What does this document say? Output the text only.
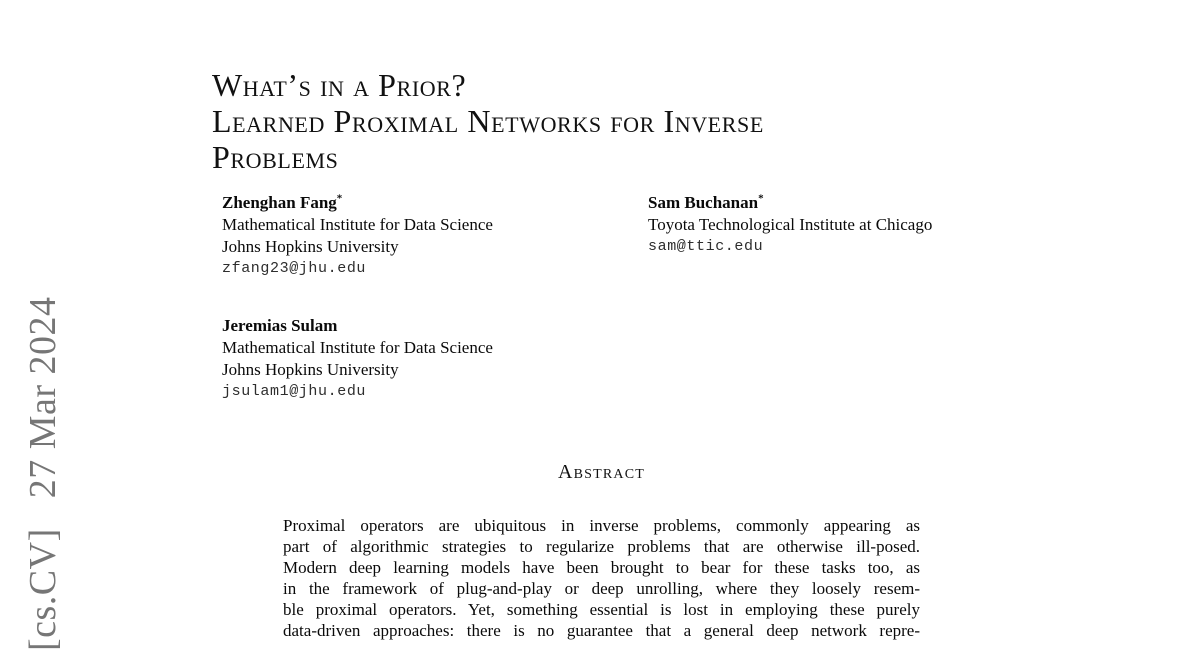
[cs.CV]   27 Mar 2024
What’s in a Prior?
Learned Proximal Networks for Inverse
Problems
Zhenghan Fang*
Mathematical Institute for Data Science
Johns Hopkins University
zfang23@jhu.edu
Sam Buchanan*
Toyota Technological Institute at Chicago
sam@ttic.edu
Jeremias Sulam
Mathematical Institute for Data Science
Johns Hopkins University
jsulam1@jhu.edu
Abstract
Proximal operators are ubiquitous in inverse problems, commonly appearing as
part of algorithmic strategies to regularize problems that are otherwise ill-posed.
Modern deep learning models have been brought to bear for these tasks too, as
in the framework of plug-and-play or deep unrolling, where they loosely resem-
ble proximal operators. Yet, something essential is lost in employing these purely
data-driven approaches: there is no guarantee that a general deep network repre-
